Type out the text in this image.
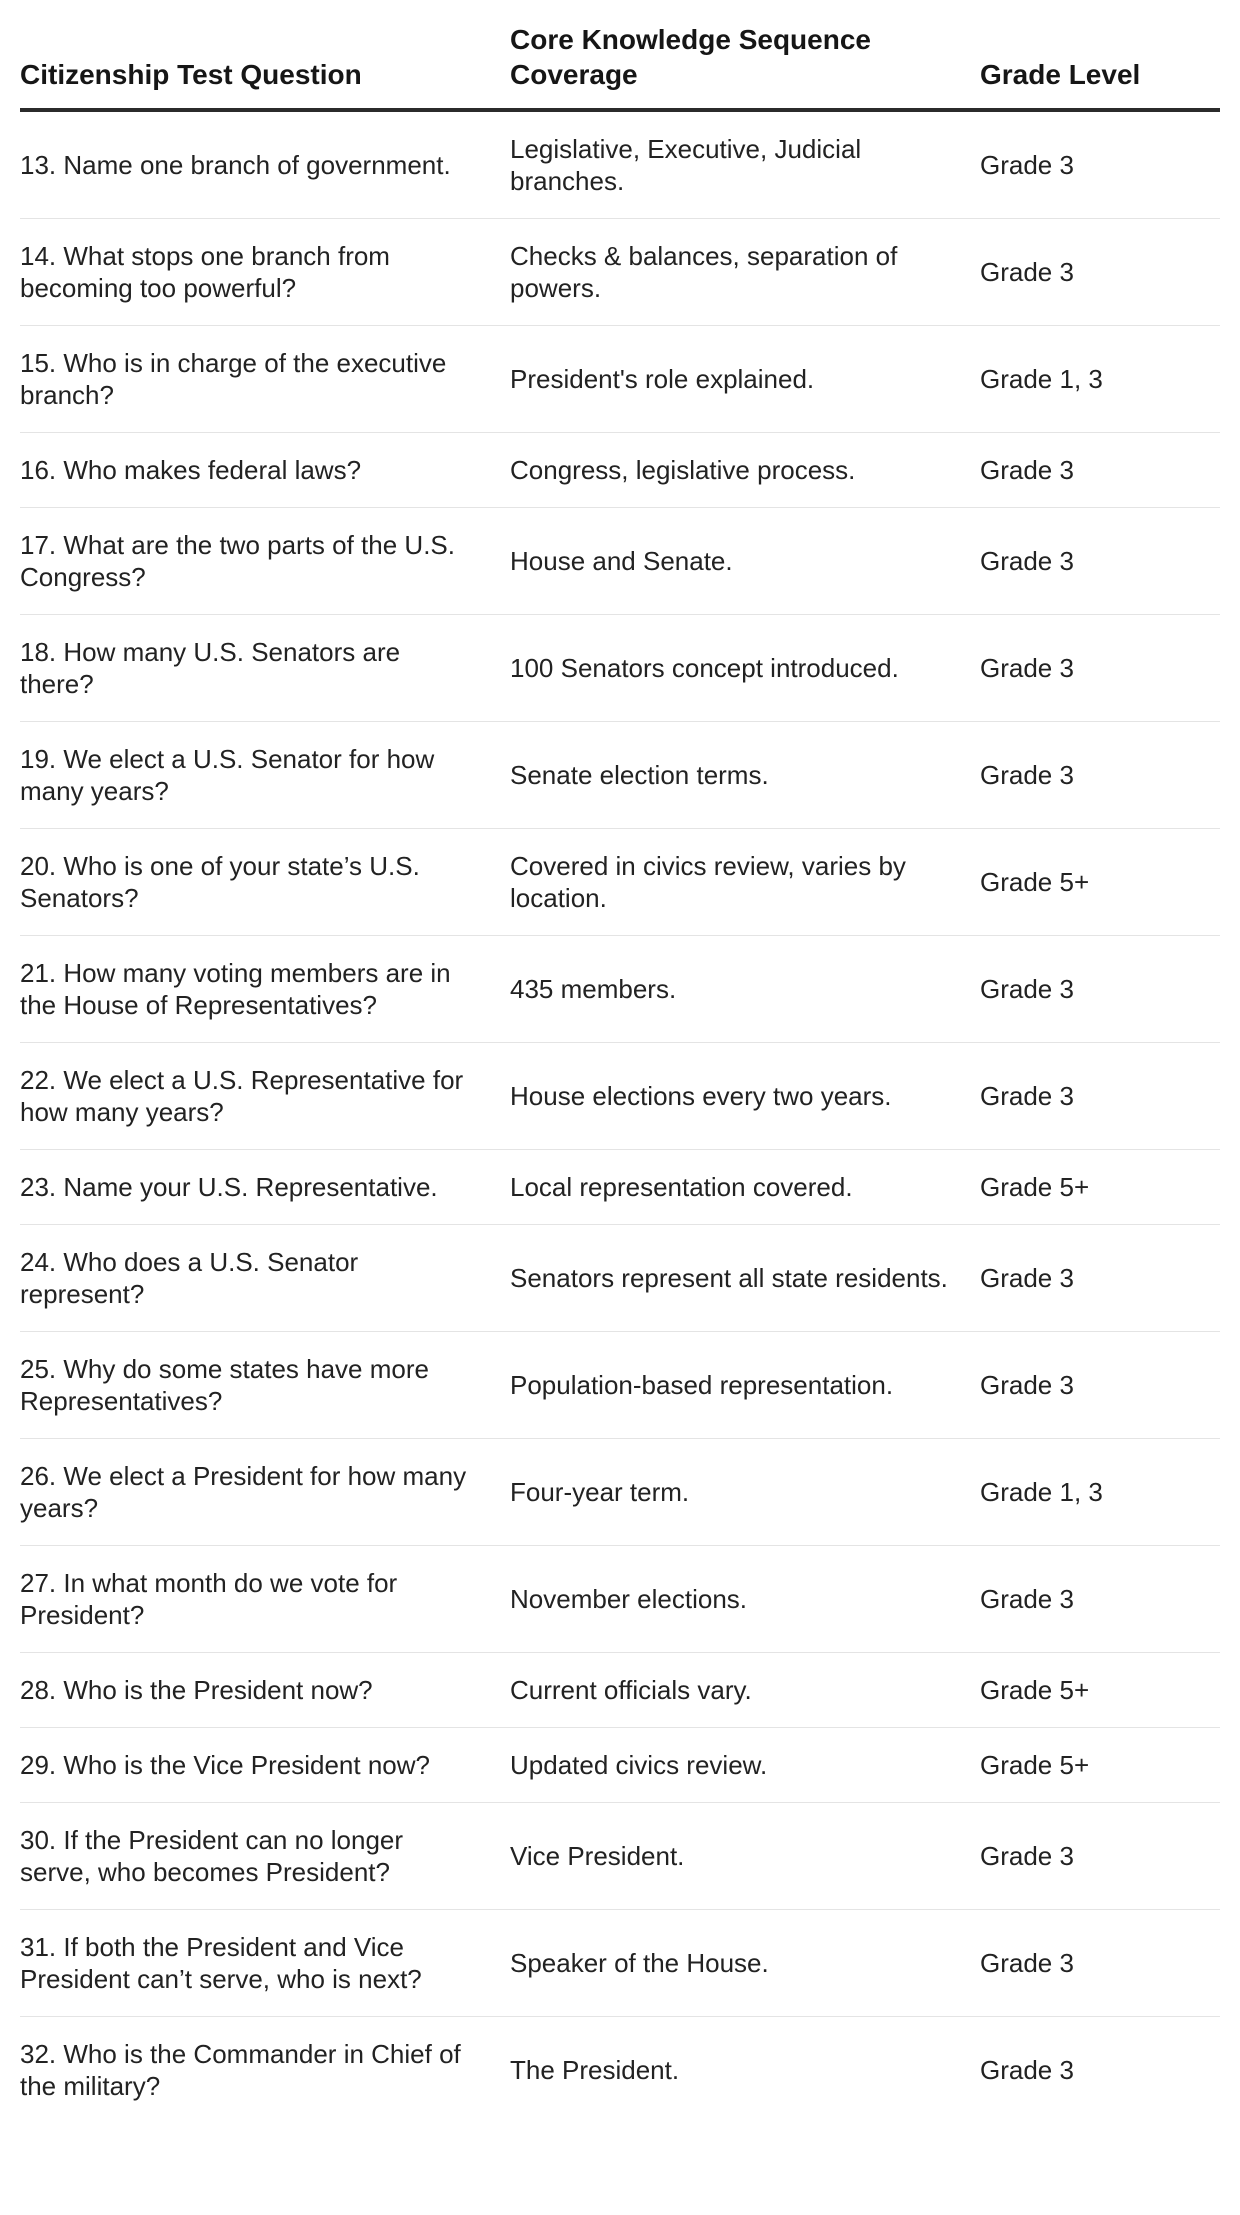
Citizenship Test Question	Core Knowledge Sequence Coverage	Grade Level
13. Name one branch of government.	Legislative, Executive, Judicial branches.	Grade 3
14. What stops one branch from becoming too powerful?	Checks & balances, separation of powers.	Grade 3
15. Who is in charge of the executive branch?	President's role explained.	Grade 1, 3
16. Who makes federal laws?	Congress, legislative process.	Grade 3
17. What are the two parts of the U.S. Congress?	House and Senate.	Grade 3
18. How many U.S. Senators are there?	100 Senators concept introduced.	Grade 3
19. We elect a U.S. Senator for how many years?	Senate election terms.	Grade 3
20. Who is one of your state’s U.S. Senators?	Covered in civics review, varies by location.	Grade 5+
21. How many voting members are in the House of Representatives?	435 members.	Grade 3
22. We elect a U.S. Representative for how many years?	House elections every two years.	Grade 3
23. Name your U.S. Representative.	Local representation covered.	Grade 5+
24. Who does a U.S. Senator represent?	Senators represent all state residents.	Grade 3
25. Why do some states have more Representatives?	Population-based representation.	Grade 3
26. We elect a President for how many years?	Four-year term.	Grade 1, 3
27. In what month do we vote for President?	November elections.	Grade 3
28. Who is the President now?	Current officials vary.	Grade 5+
29. Who is the Vice President now?	Updated civics review.	Grade 5+
30. If the President can no longer serve, who becomes President?	Vice President.	Grade 3
31. If both the President and Vice President can’t serve, who is next?	Speaker of the House.	Grade 3
32. Who is the Commander in Chief of the military?	The President.	Grade 3
